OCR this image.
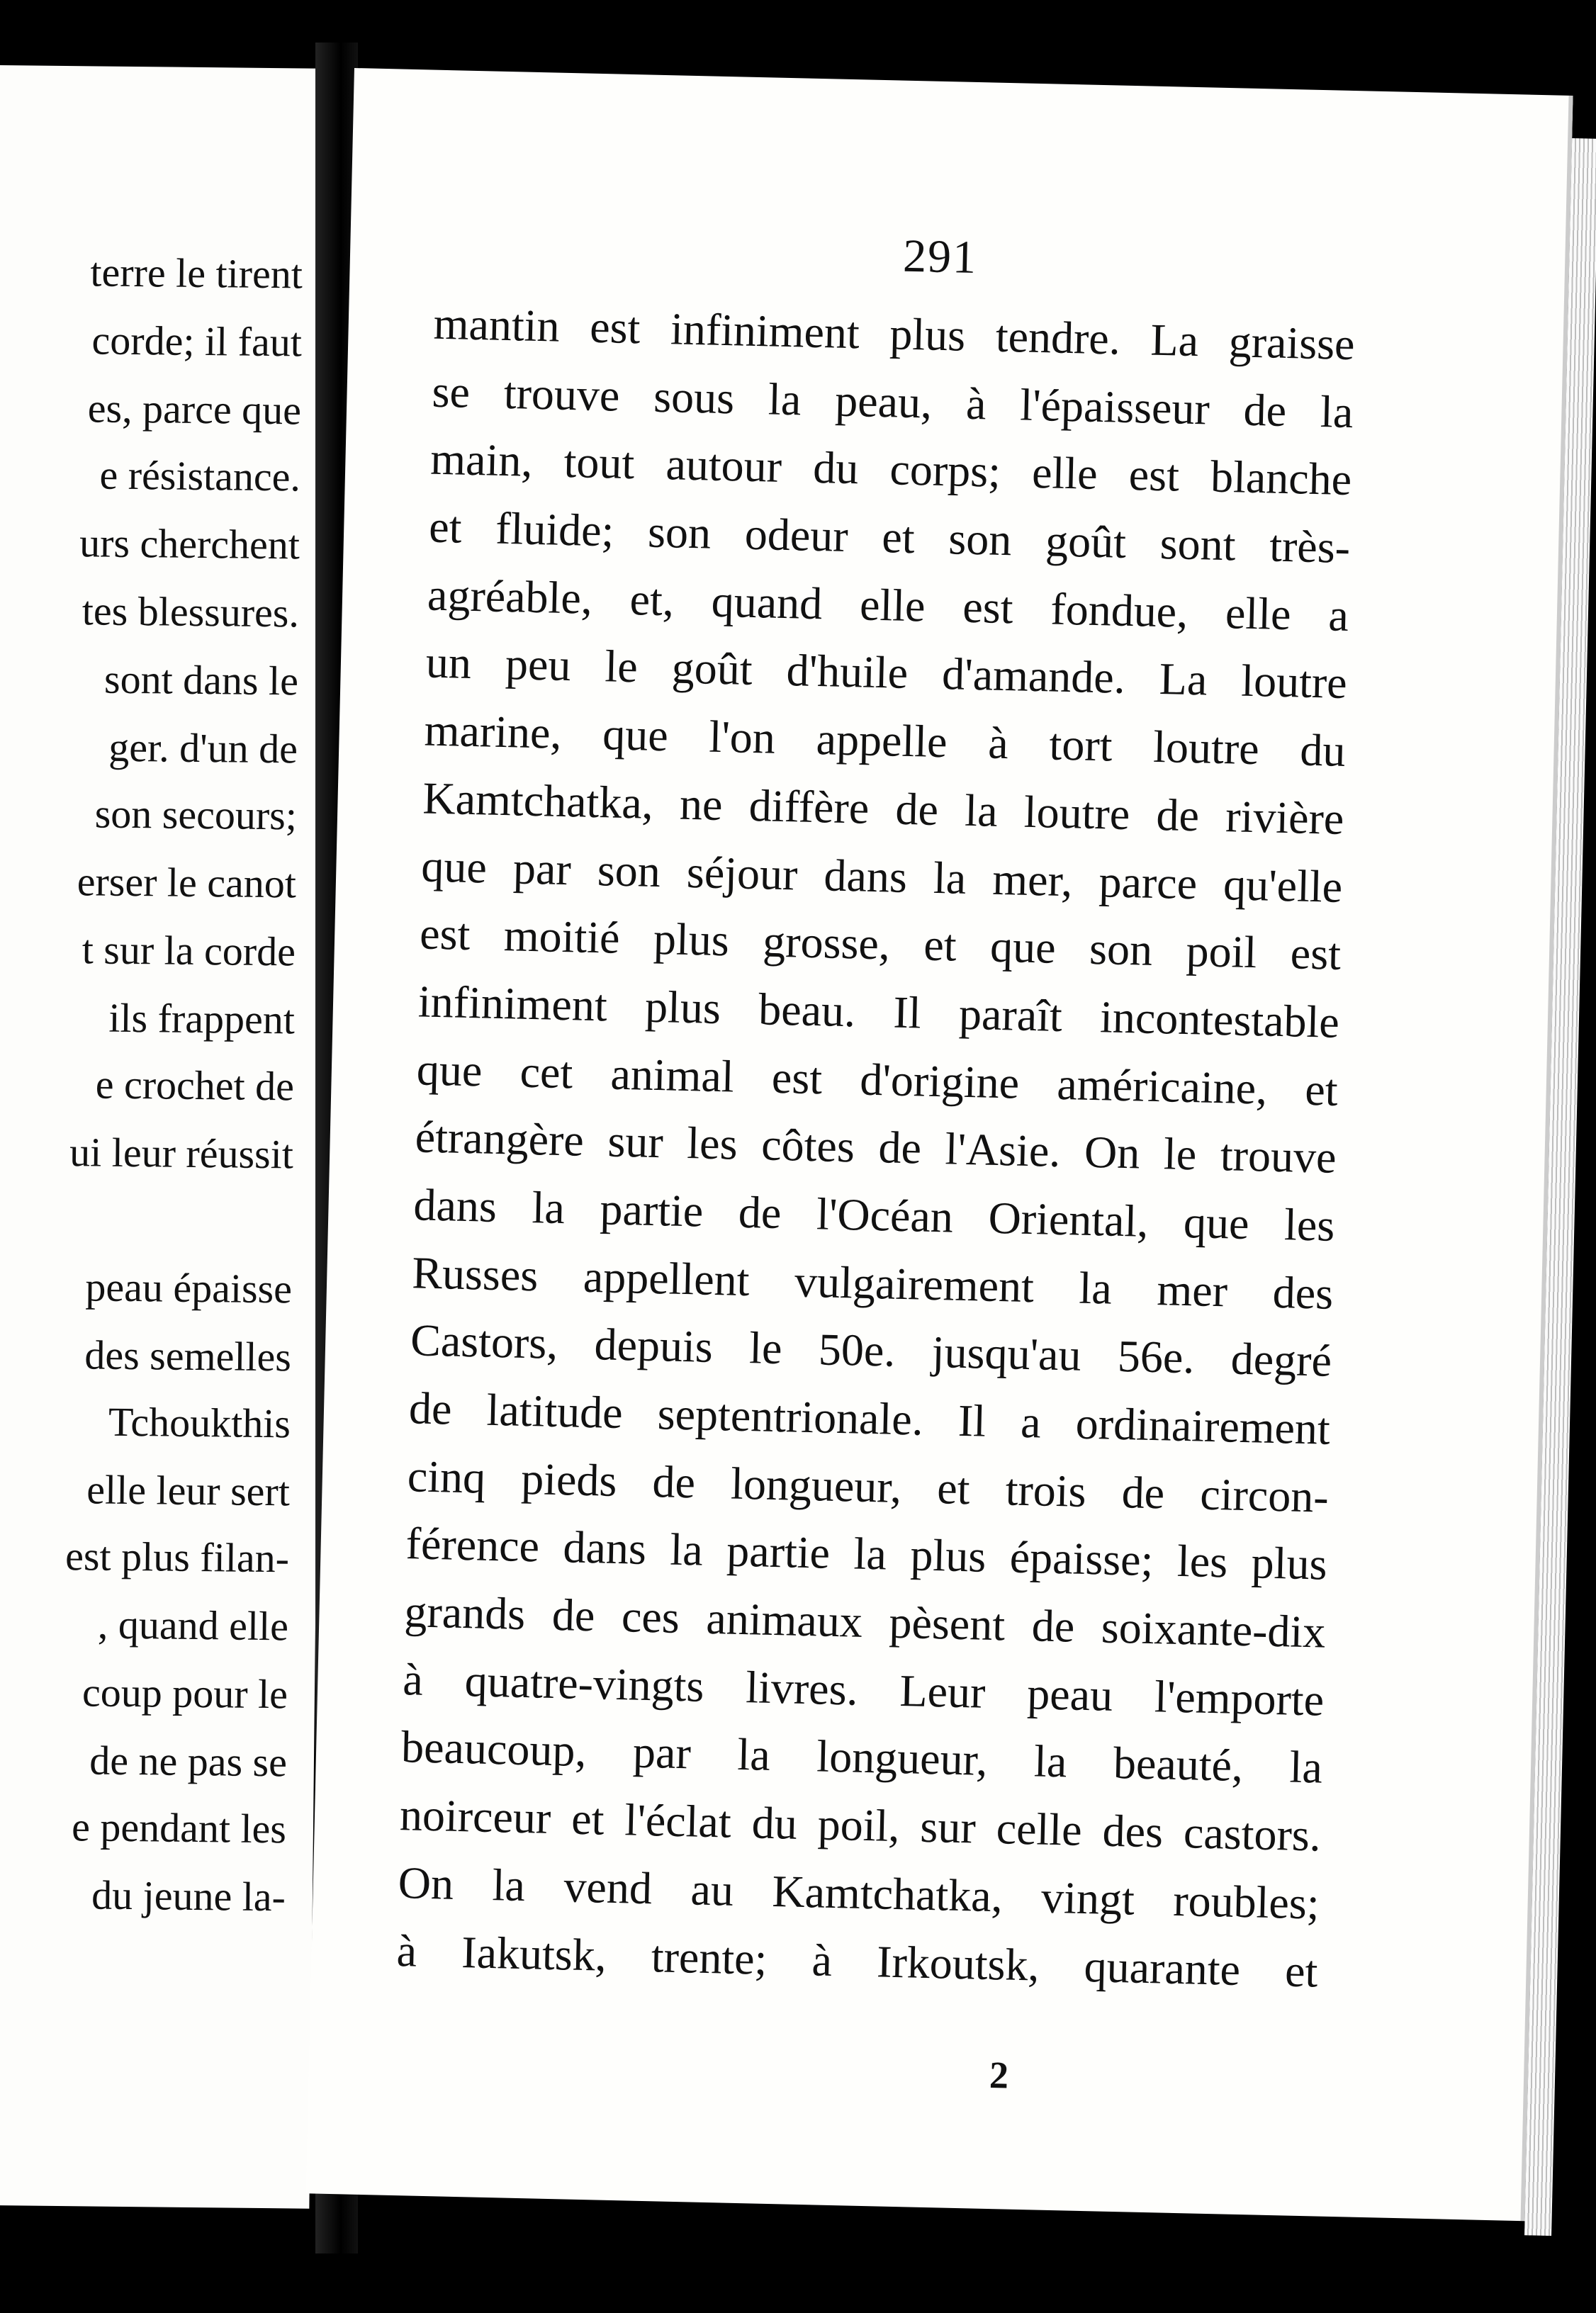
terre le tirent
corde; il faut
es, parce que
e résistance.
urs cherchent
tes blessures.
sont dans le
ger. d'un de
son secours;
erser le canot
t sur la corde
ils frappent
e crochet de
ui leur réussit
peau épaisse
des semelles
Tchoukthis
elle leur sert
est plus filan-
, quand elle
coup pour le
de ne pas se
e pendant les
du jeune la-
291
mantin est infiniment plus tendre. La graisse
se trouve sous la peau, à l'épaisseur de la
main, tout autour du corps; elle est blanche
et fluide; son odeur et son goût sont très-
agréable, et, quand elle est fondue, elle a
un peu le goût d'huile d'amande. La loutre
marine, que l'on appelle à tort loutre du
Kamtchatka, ne diffère de la loutre de rivière
que par son séjour dans la mer, parce qu'elle
est moitié plus grosse, et que son poil est
infiniment plus beau. Il paraît incontestable
que cet animal est d'origine américaine, et
étrangère sur les côtes de l'Asie. On le trouve
dans la partie de l'Océan Oriental, que les
Russes appellent vulgairement la mer des
Castors, depuis le 50e. jusqu'au 56e. degré
de latitude septentrionale. Il a ordinairement
cinq pieds de longueur, et trois de circon-
férence dans la partie la plus épaisse; les plus
grands de ces animaux pèsent de soixante-dix
à quatre-vingts livres. Leur peau l'emporte
beaucoup, par la longueur, la beauté, la
noirceur et l'éclat du poil, sur celle des castors.
On la vend au Kamtchatka, vingt roubles;
à Iakutsk, trente; à Irkoutsk, quarante et
2
